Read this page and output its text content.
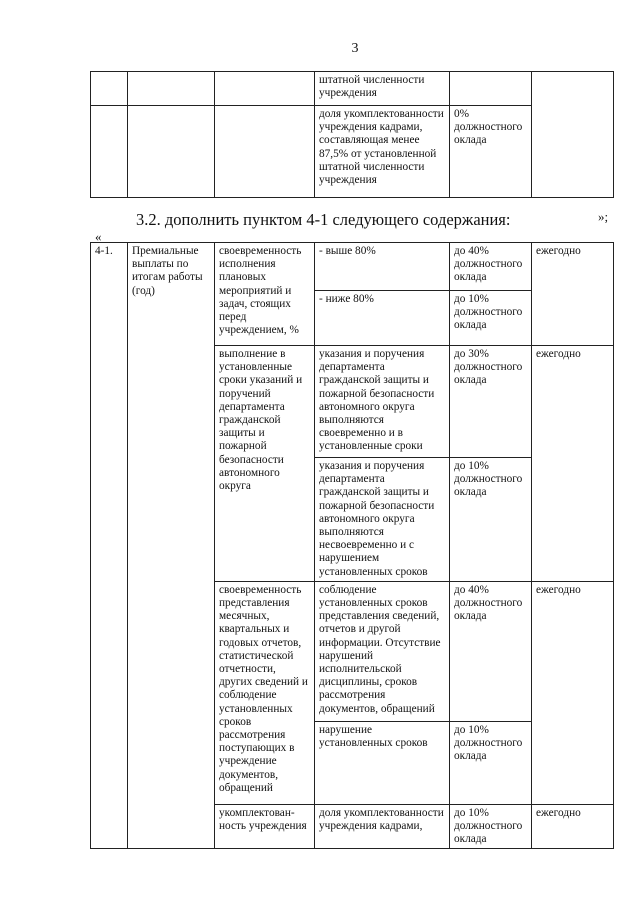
3
			штатной численности учреждения		
			доля укомплектованности учреждения кадрами, составляющая менее 87,5% от установленной штатной численности учреждения	0% должностного оклада	
»;
3.2. дополнить пунктом 4-1 следующего содержания:
«
4-1.	Премиальные выплаты по итогам работы (год)	своевременность исполнения плановых мероприятий и задач, стоящих перед учреждением, %	- выше 80%	до 40% должностного оклада	ежегодно
			- ниже 80%	до 10% должностного оклада	
		выполнение в установленные сроки указаний и поручений департамента гражданской защиты и пожарной безопасности автономного округа	указания и поручения департамента гражданской защиты и пожарной безопасности автономного округа выполняются своевременно и в установленные сроки	до 30% должностного оклада	ежегодно
			указания и поручения департамента гражданской защиты и пожарной безопасности автономного округа выполняются несвоевременно и с нарушением установленных сроков	до 10% должностного оклада	
		своевременность представления месячных, квартальных и годовых отчетов, статистической отчетности, других сведений и соблюдение установленных сроков рассмотрения поступающих в учреждение документов, обращений	соблюдение установленных сроков представления сведений, отчетов и другой информации. Отсутствие нарушений исполнительской дисциплины, сроков рассмотрения документов, обращений	до 40% должностного оклада	ежегодно
			нарушение установленных сроков	до 10% должностного оклада	
		укомплектован-ность учреждения	доля укомплектованности учреждения кадрами,	до 10% должностного оклада	ежегодно
